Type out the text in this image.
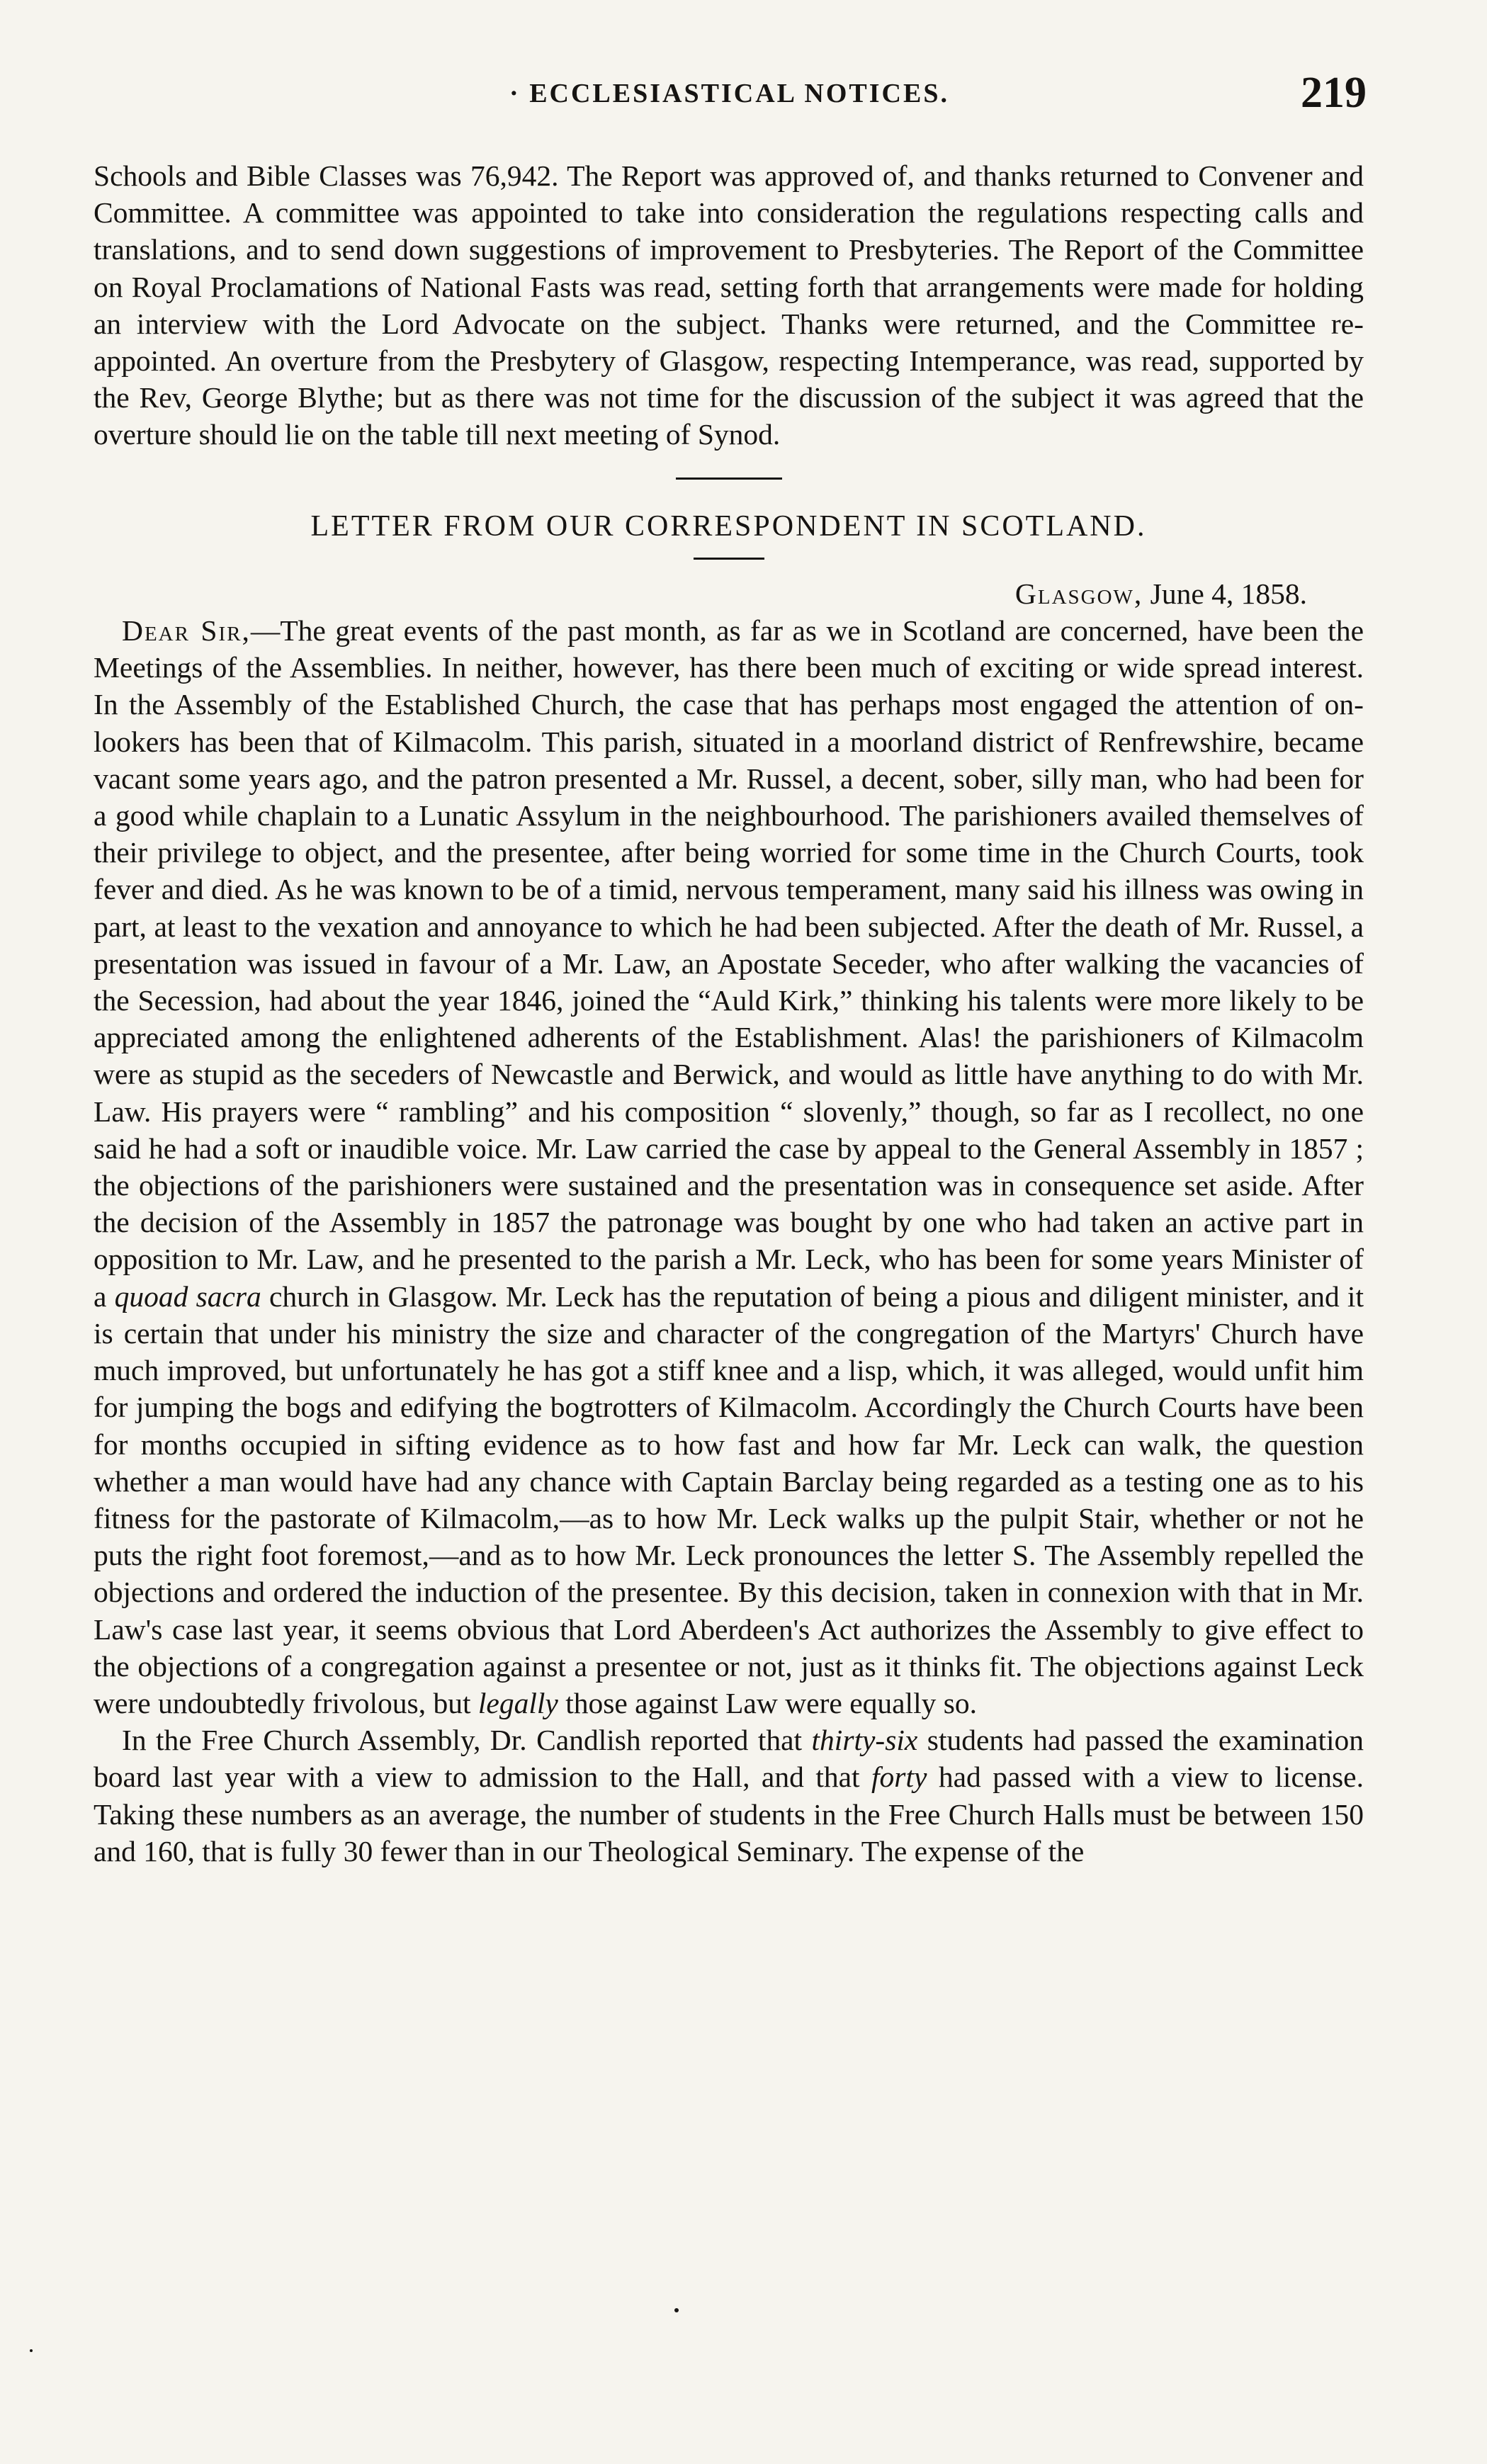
· ECCLESIASTICAL NOTICES.	219

Schools and Bible Classes was 76,942. The Report was approved of, and thanks returned to Convener and Committee. A committee was appointed to take into consideration the regulations respecting calls and translations, and to send down suggestions of improvement to Presbyteries. The Report of the Committee on Royal Proclamations of National Fasts was read, setting forth that arrangements were made for holding an interview with the Lord Advocate on the subject. Thanks were returned, and the Committee re-appointed. An overture from the Presbytery of Glasgow, respecting Intemperance, was read, supported by the Rev, George Blythe; but as there was not time for the discussion of the subject it was agreed that the overture should lie on the table till next meeting of Synod.

LETTER FROM OUR CORRESPONDENT IN SCOTLAND.

Glasgow, June 4, 1858.

Dear Sir,—The great events of the past month, as far as we in Scotland are concerned, have been the Meetings of the Assemblies. In neither, however, has there been much of exciting or wide spread interest. In the Assembly of the Established Church, the case that has perhaps most engaged the attention of on-lookers has been that of Kilmacolm. This parish, situated in a moorland district of Renfrewshire, became vacant some years ago, and the patron presented a Mr. Russel, a decent, sober, silly man, who had been for a good while chaplain to a Lunatic Assylum in the neighbourhood. The parishioners availed themselves of their privilege to object, and the presentee, after being worried for some time in the Church Courts, took fever and died. As he was known to be of a timid, nervous temperament, many said his illness was owing in part, at least to the vexation and annoyance to which he had been subjected. After the death of Mr. Russel, a presentation was issued in favour of a Mr. Law, an Apostate Seceder, who after walking the vacancies of the Secession, had about the year 1846, joined the “Auld Kirk,” thinking his talents were more likely to be appreciated among the enlightened adherents of the Establishment. Alas! the parishioners of Kilmacolm were as stupid as the seceders of Newcastle and Berwick, and would as little have anything to do with Mr. Law. His prayers were “ rambling” and his composition “ slovenly,” though, so far as I recollect, no one said he had a soft or inaudible voice. Mr. Law carried the case by appeal to the General Assembly in 1857 ; the objections of the parishioners were sustained and the presentation was in consequence set aside. After the decision of the Assembly in 1857 the patronage was bought by one who had taken an active part in opposition to Mr. Law, and he presented to the parish a Mr. Leck, who has been for some years Minister of a quoad sacra church in Glasgow. Mr. Leck has the reputation of being a pious and diligent minister, and it is certain that under his ministry the size and character of the congregation of the Martyrs' Church have much improved, but unfortunately he has got a stiff knee and a lisp, which, it was alleged, would unfit him for jumping the bogs and edifying the bogtrotters of Kilmacolm. Accordingly the Church Courts have been for months occupied in sifting evidence as to how fast and how far Mr. Leck can walk, the question whether a man would have had any chance with Captain Barclay being regarded as a testing one as to his fitness for the pastorate of Kilmacolm,—as to how Mr. Leck walks up the pulpit Stair, whether or not he puts the right foot foremost,—and as to how Mr. Leck pronounces the letter S. The Assembly repelled the objections and ordered the induction of the presentee. By this decision, taken in connexion with that in Mr. Law's case last year, it seems obvious that Lord Aberdeen's Act authorizes the Assembly to give effect to the objections of a congregation against a presentee or not, just as it thinks fit. The objections against Leck were undoubtedly frivolous, but legally those against Law were equally so.

In the Free Church Assembly, Dr. Candlish reported that thirty-six students had passed the examination board last year with a view to admission to the Hall, and that forty had passed with a view to license. Taking these numbers as an average, the number of students in the Free Church Halls must be between 150 and 160, that is fully 30 fewer than in our Theological Seminary. The expense of the
